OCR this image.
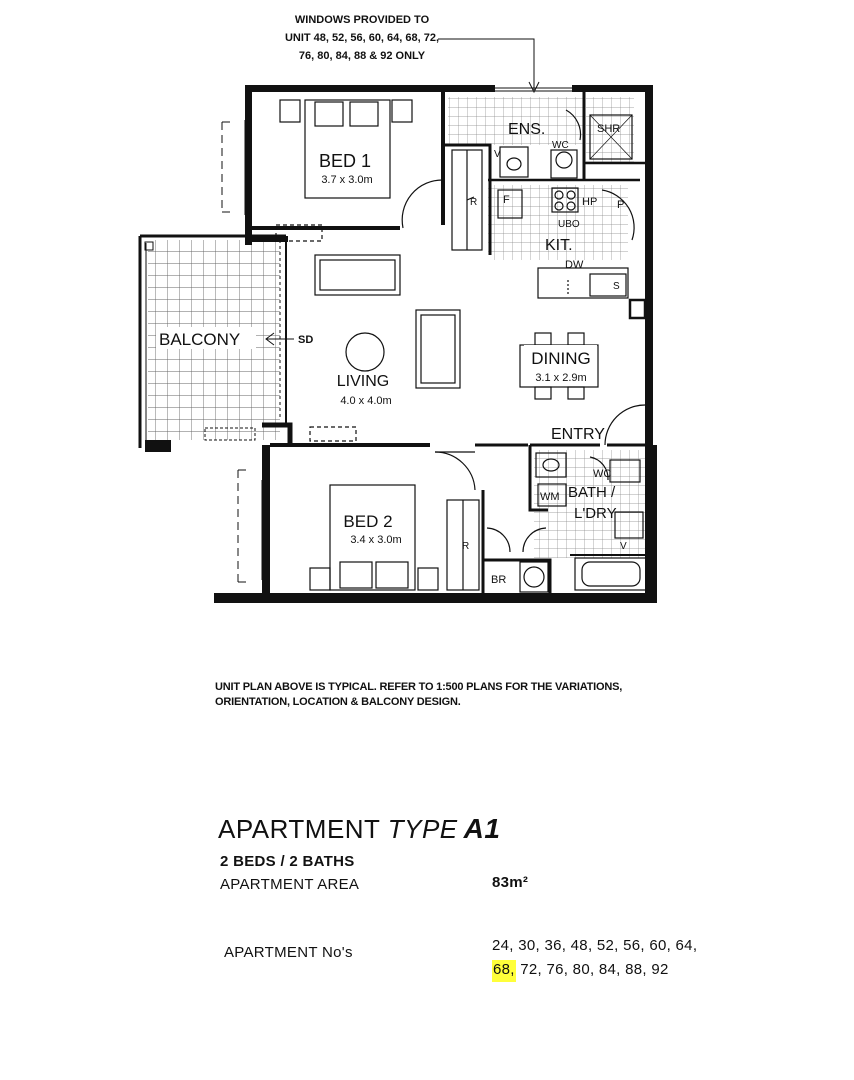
WINDOWS PROVIDED TO
UNIT 48, 52, 56, 60, 64, 68, 72,
76, 80, 84, 88 & 92 ONLY
BED 1
3.7 x 3.0m
BED 2
3.4 x 3.0m
LIVING
4.0 x 4.0m
DINING
3.1 x 2.9m
BALCONY
KIT.
ENS.
ENTRY
BATH /
L'DRY
SD
SHR
WC
V
R F	HP P
UBO
DW
S
WC
WM
V
R
BR
UNIT PLAN ABOVE IS TYPICAL. REFER TO 1:500 PLANS FOR THE VARIATIONS,
ORIENTATION, LOCATION & BALCONY DESIGN.
APARTMENT TYPE A1
2 BEDS / 2 BATHS
APARTMENT AREA	83m²
APARTMENT No's	24, 30, 36, 48, 52, 56, 60, 64,
68, 72, 76, 80, 84, 88, 92
